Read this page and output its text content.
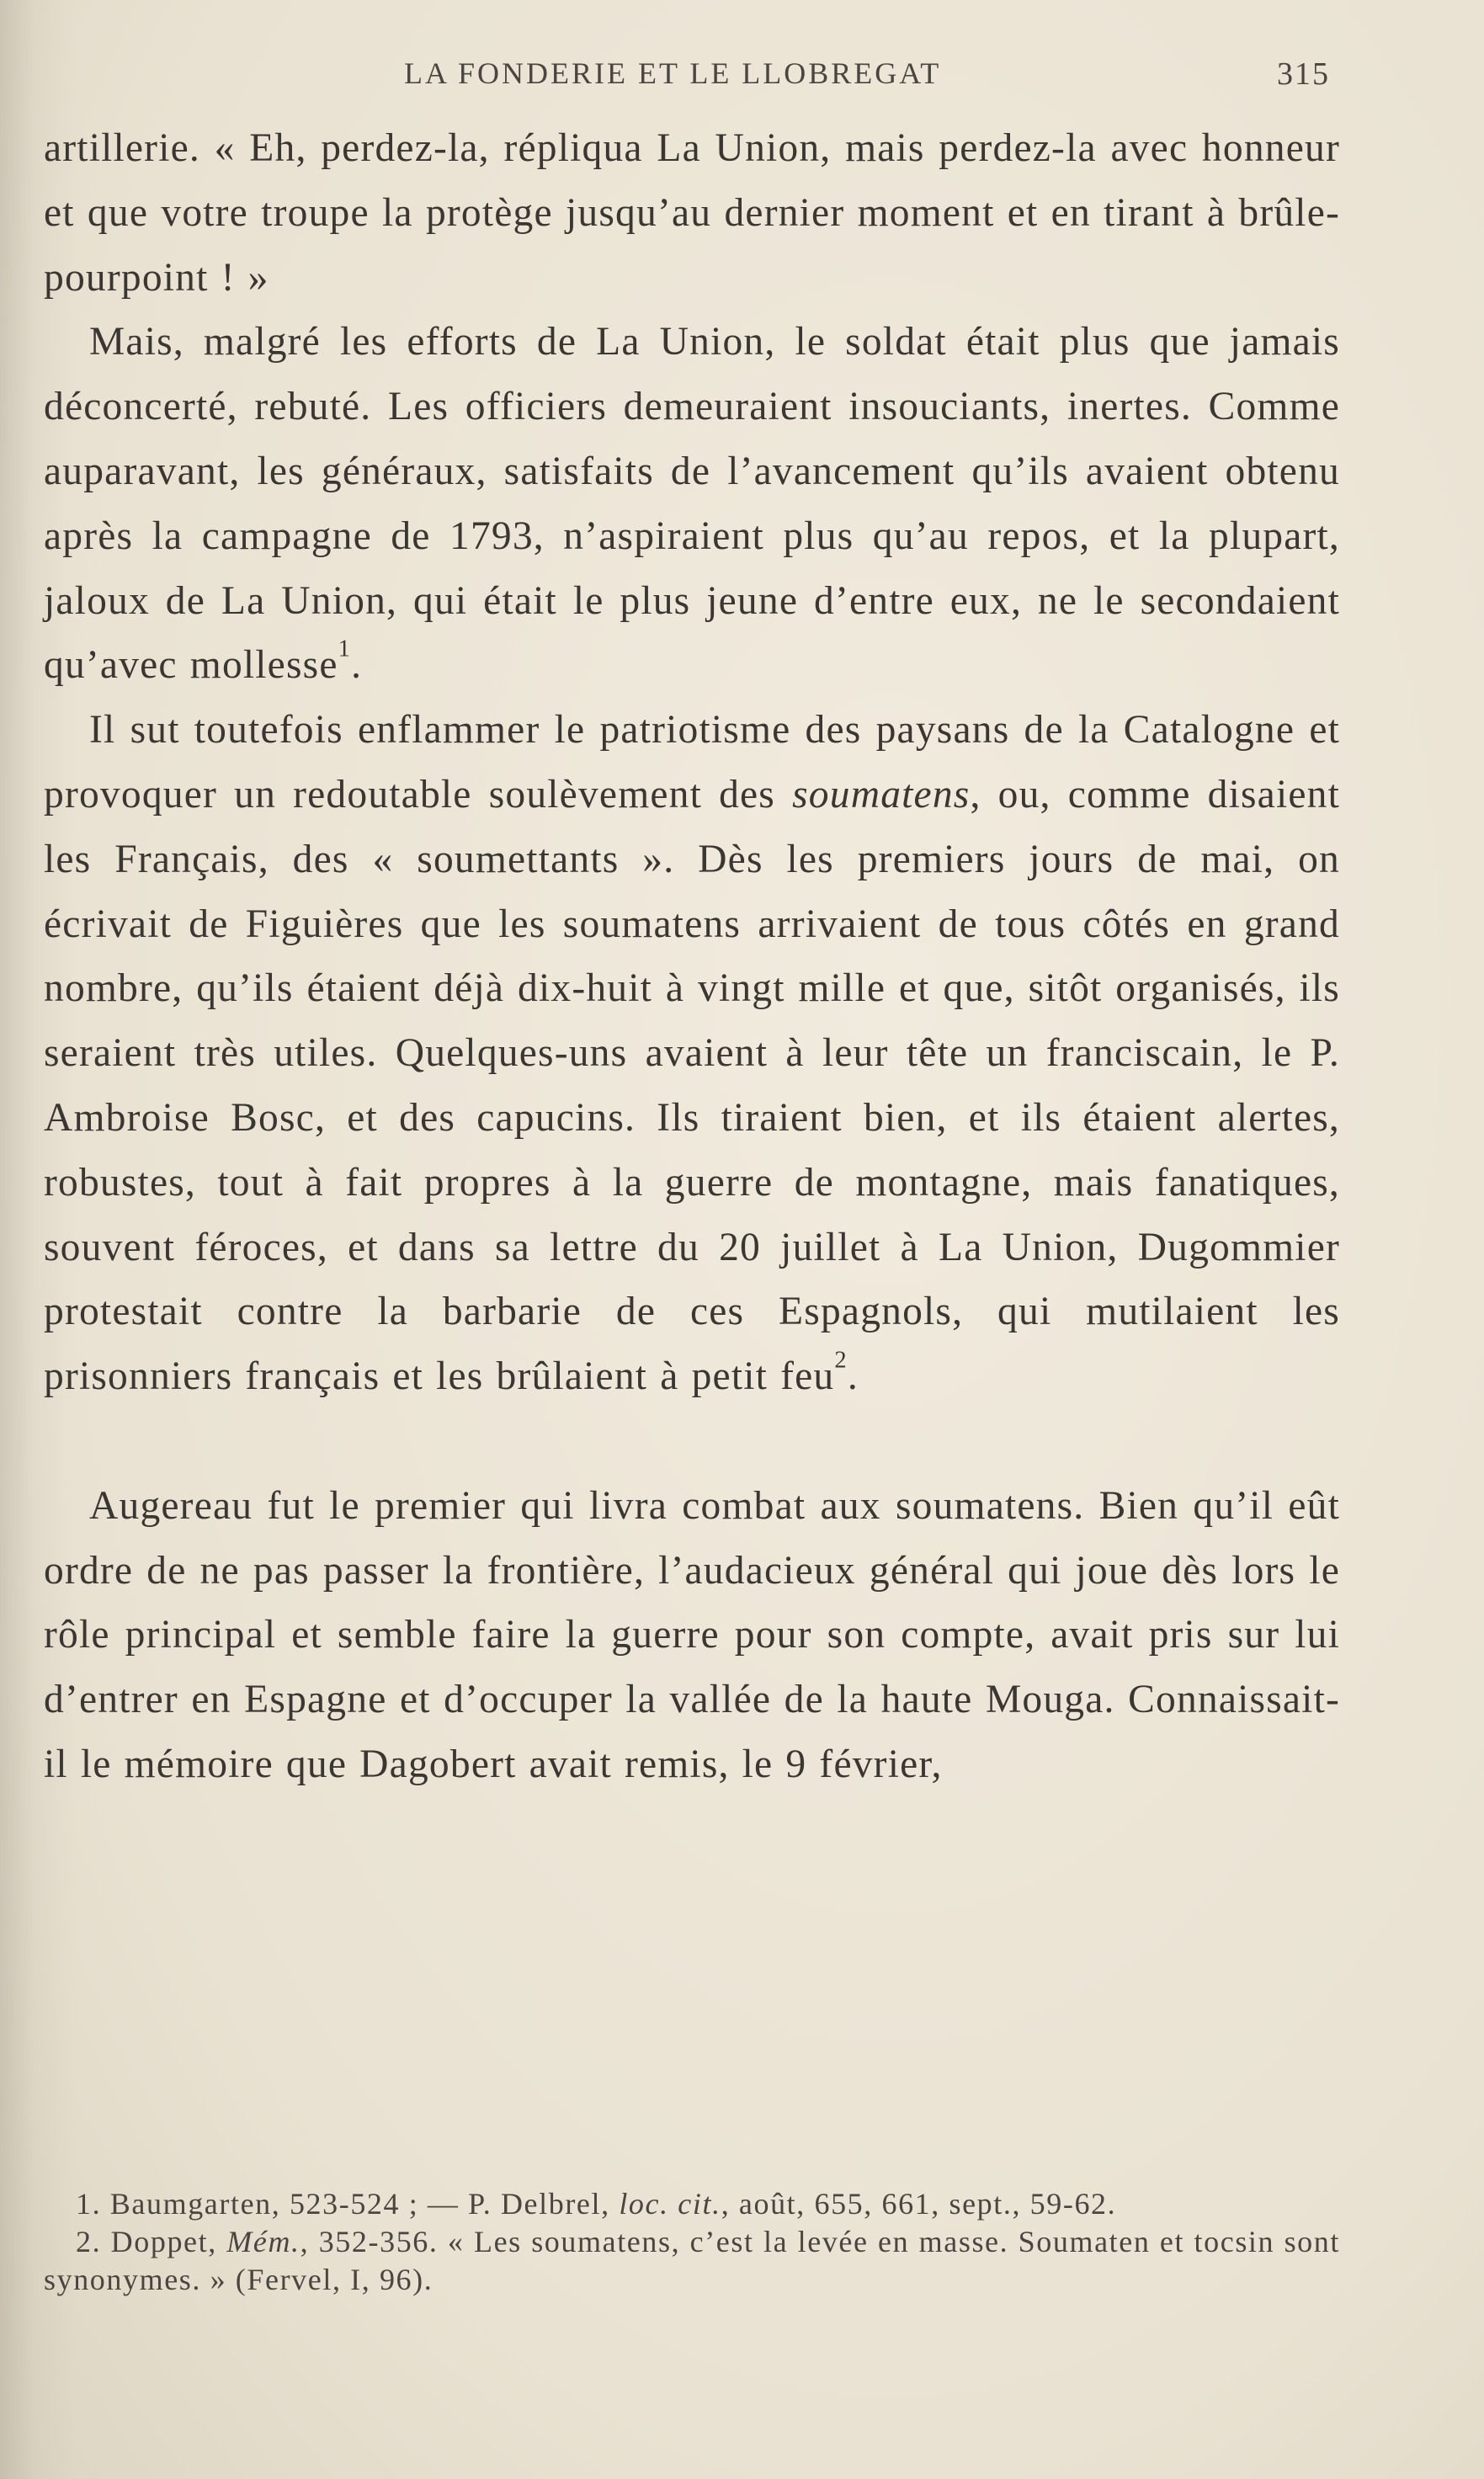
LA FONDERIE ET LE LLOBREGAT	315

artillerie. « Eh, perdez-la, répliqua La Union, mais perdez-la avec honneur et que votre troupe la protège jusqu’au dernier moment et en tirant à brûle-pourpoint ! »

Mais, malgré les efforts de La Union, le soldat était plus que jamais déconcerté, rebuté. Les officiers demeuraient insouciants, inertes. Comme auparavant, les généraux, satisfaits de l’avancement qu’ils avaient obtenu après la campagne de 1793, n’aspiraient plus qu’au repos, et la plupart, jaloux de La Union, qui était le plus jeune d’entre eux, ne le secondaient qu’avec mollesse$^1$.

Il sut toutefois enflammer le patriotisme des paysans de la Catalogne et provoquer un redoutable soulèvement des soumatens, ou, comme disaient les Français, des « soumettants ». Dès les premiers jours de mai, on écrivait de Figuières que les soumatens arrivaient de tous côtés en grand nombre, qu’ils étaient déjà dix-huit à vingt mille et que, sitôt organisés, ils seraient très utiles. Quelques-uns avaient à leur tête un franciscain, le P. Ambroise Bosc, et des capucins. Ils tiraient bien, et ils étaient alertes, robustes, tout à fait propres à la guerre de montagne, mais fanatiques, souvent féroces, et dans sa lettre du 20 juillet à La Union, Dugommier protestait contre la barbarie de ces Espagnols, qui mutilaient les prisonniers français et les brûlaient à petit feu$^2$.

Augereau fut le premier qui livra combat aux soumatens. Bien qu’il eût ordre de ne pas passer la frontière, l’audacieux général qui joue dès lors le rôle principal et semble faire la guerre pour son compte, avait pris sur lui d’entrer en Espagne et d’occuper la vallée de la haute Mouga. Connaissait-il le mémoire que Dagobert avait remis, le 9 février,

1. Baumgarten, 523-524 ; — P. Delbrel, loc. cit., août, 655, 661, sept., 59-62.

2. Doppet, Mém., 352-356. « Les soumatens, c’est la levée en masse. Soumaten et tocsin sont synonymes. » (Fervel, I, 96).
